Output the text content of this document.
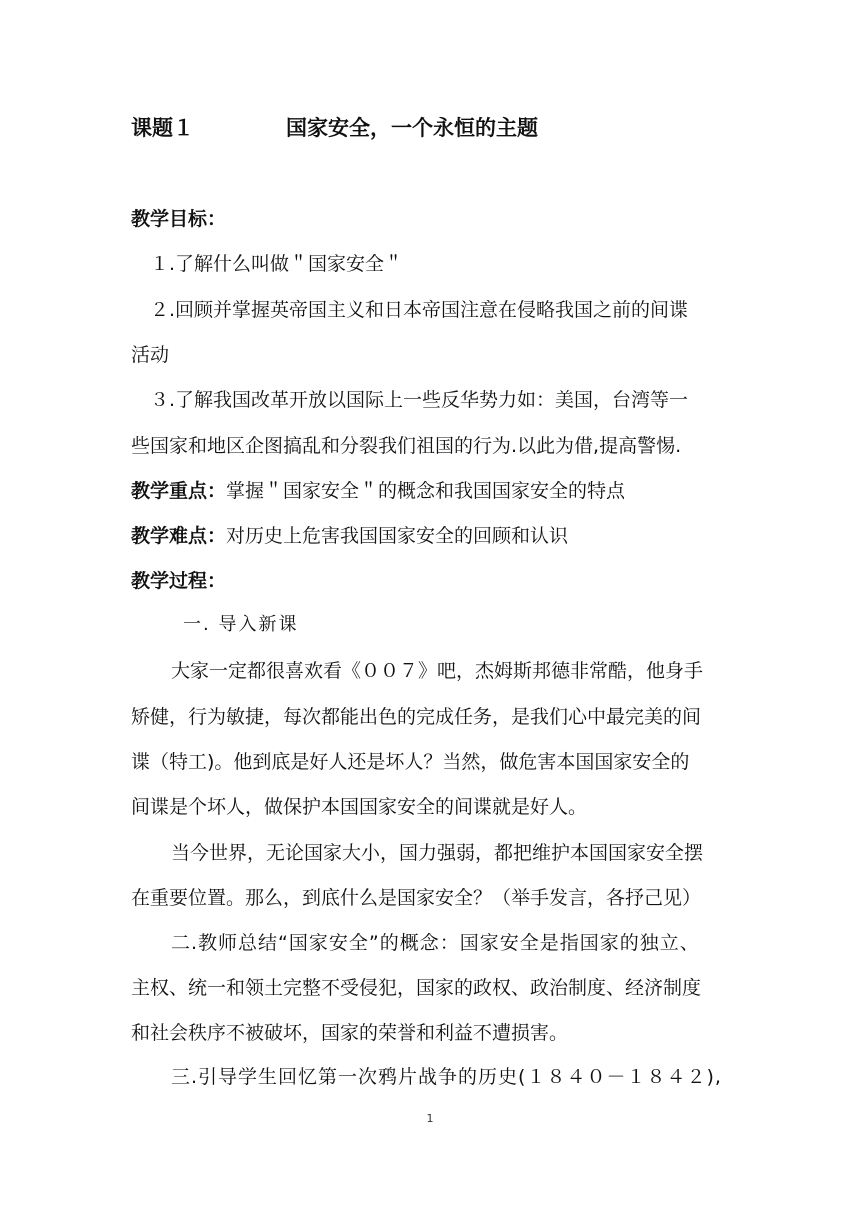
课题１	国家安全，一个永恒的主题
教学目标：
１.了解什么叫做＂国家安全＂
２.回顾并掌握英帝国主义和日本帝国注意在侵略我国之前的间谍
活动
３.了解我国改革开放以国际上一些反华势力如：美国，台湾等一
些国家和地区企图搞乱和分裂我们祖国的行为.以此为借,提高警惕.
教学重点：掌握＂国家安全＂的概念和我国国家安全的特点
教学难点：对历史上危害我国国家安全的回顾和认识
教学过程：
一. 导入新课
大家一定都很喜欢看《００７》吧，杰姆斯邦德非常酷，他身手
矫健，行为敏捷，每次都能出色的完成任务，是我们心中最完美的间
谍（特工)。他到底是好人还是坏人？当然，做危害本国国家安全的
间谍是个坏人，做保护本国国家安全的间谍就是好人。
当今世界，无论国家大小，国力强弱，都把维护本国国家安全摆
在重要位置。那么，到底什么是国家安全？（举手发言，各抒己见）
二.教师总结“国家安全”的概念：国家安全是指国家的独立、
主权、统一和领土完整不受侵犯，国家的政权、政治制度、经济制度
和社会秩序不被破坏，国家的荣誉和利益不遭损害。
三.引导学生回忆第一次鸦片战争的历史(１８４０－１８４２),
1
